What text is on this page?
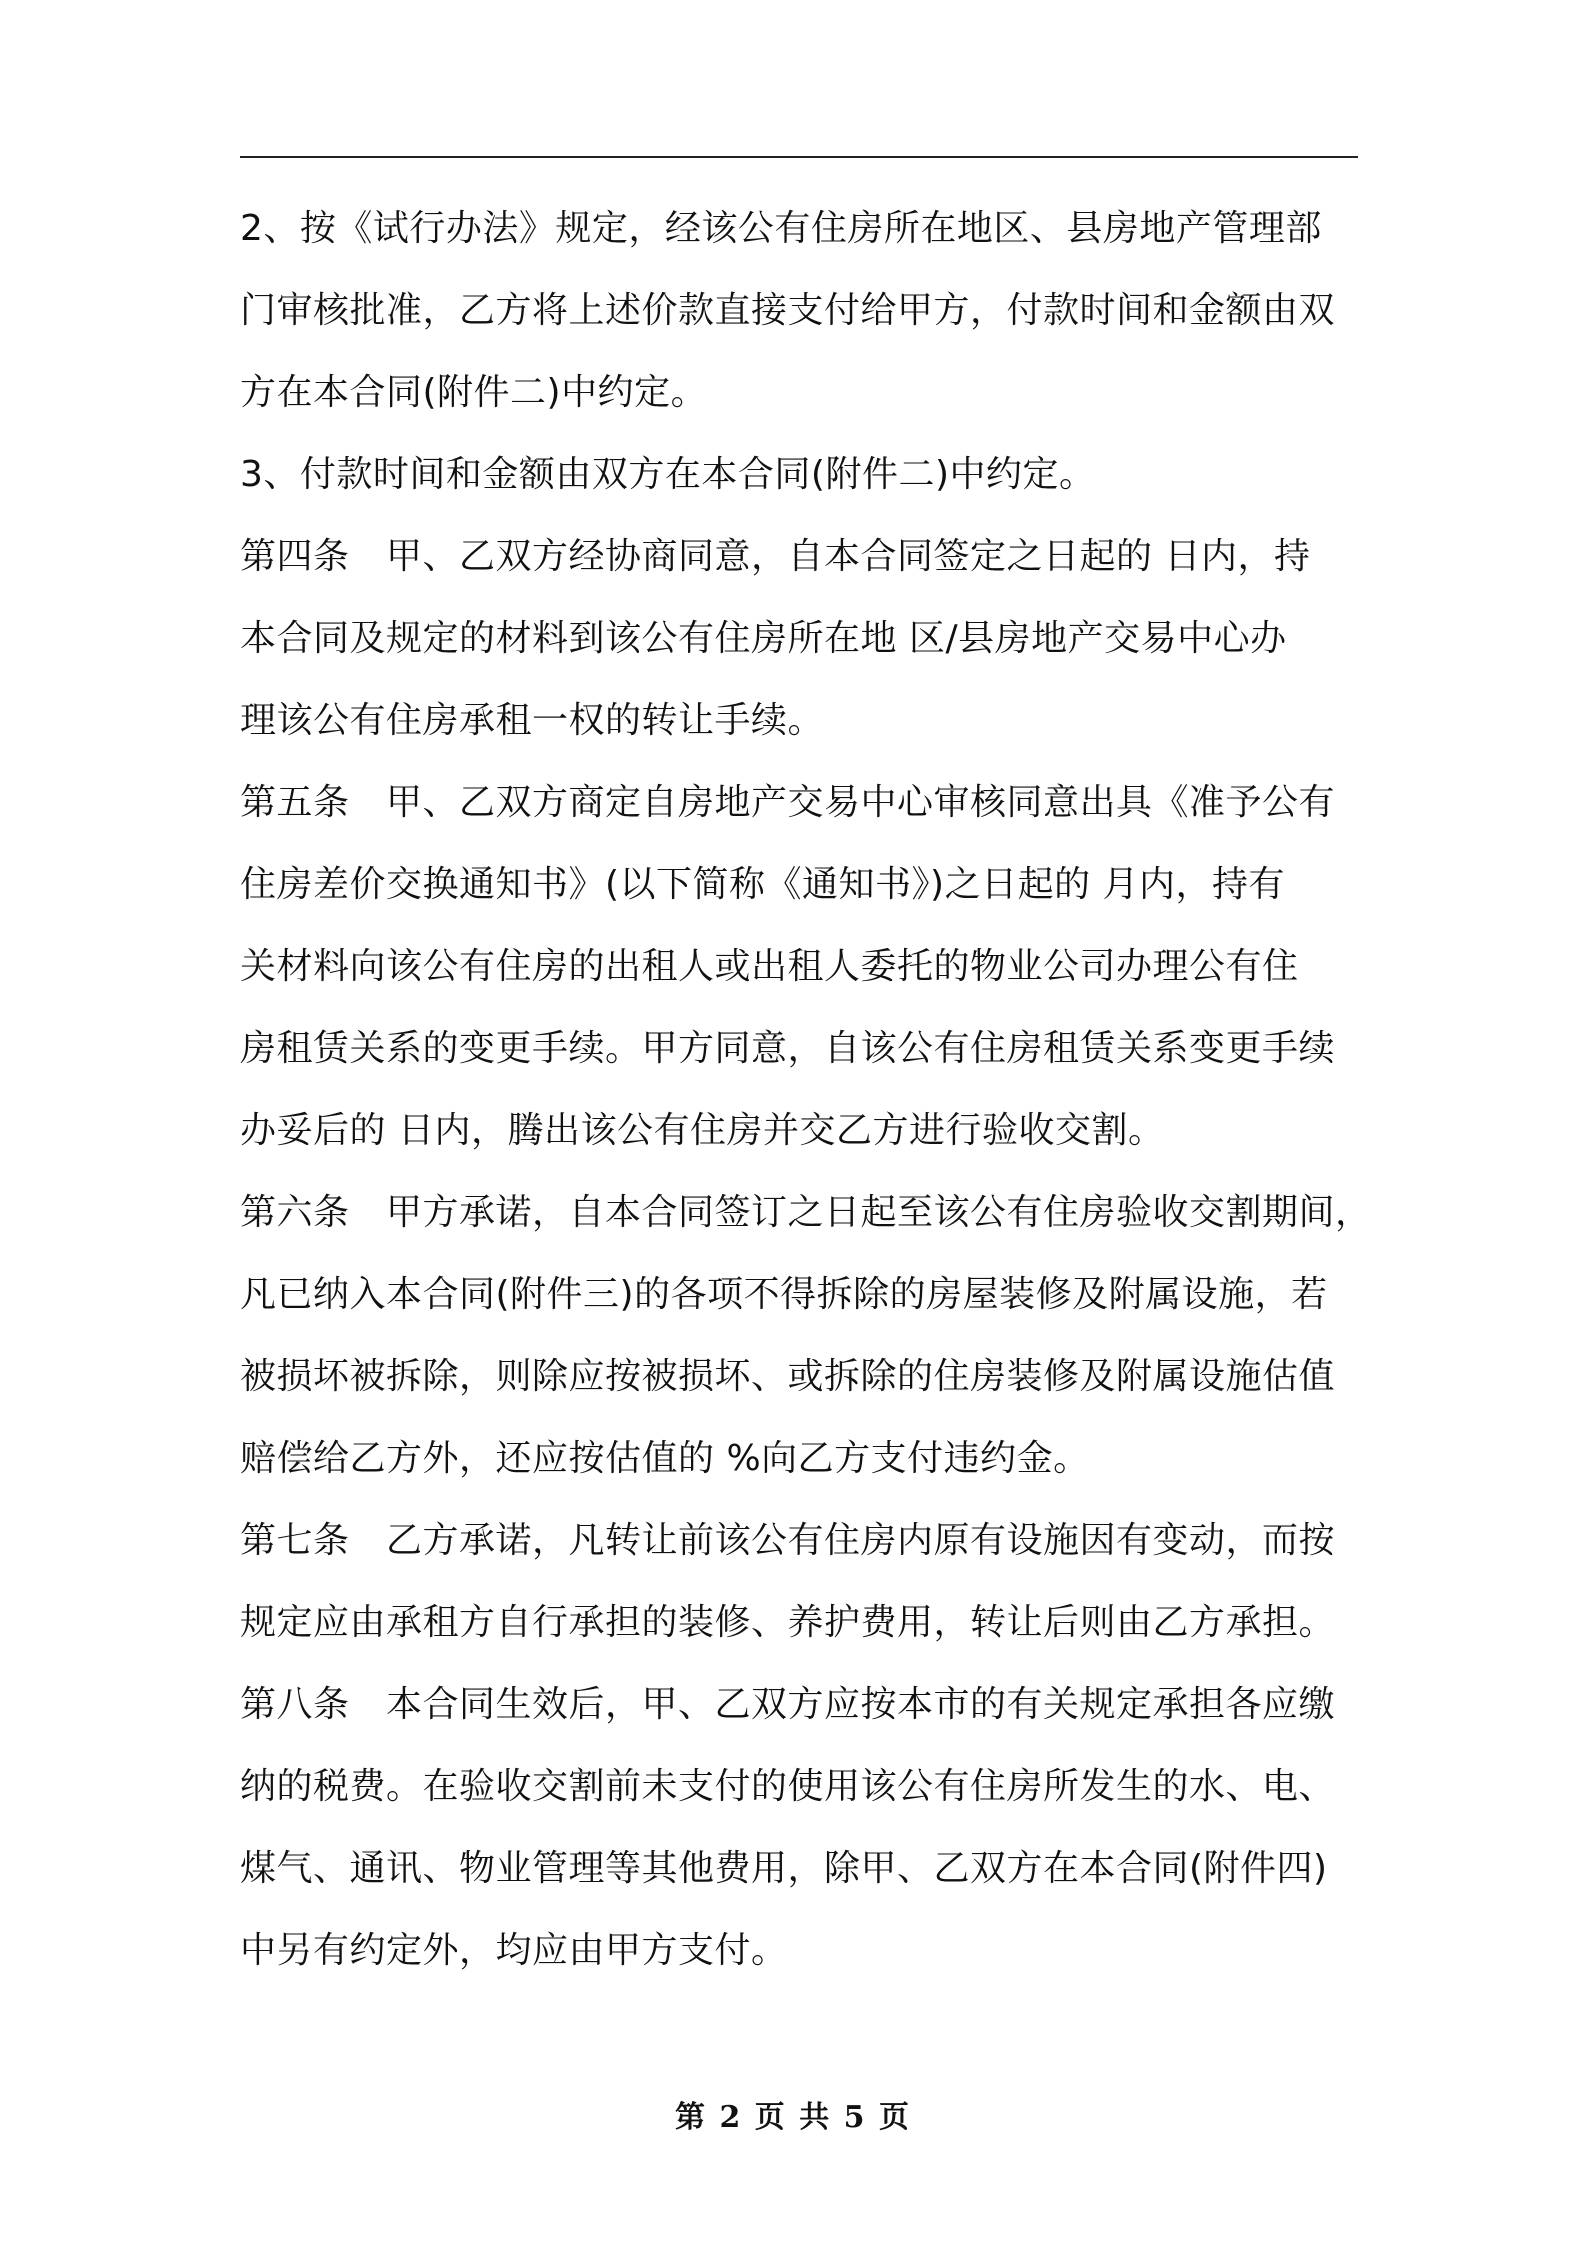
2、按《试行办法》规定，经该公有住房所在地区、县房地产管理部

门审核批准，乙方将上述价款直接支付给甲方，付款时间和金额由双

方在本合同(附件二)中约定。

3、付款时间和金额由双方在本合同(附件二)中约定。

第四条　甲、乙双方经协商同意，自本合同签定之日起的 日内，持

本合同及规定的材料到该公有住房所在地 区/县房地产交易中心办

理该公有住房承租一权的转让手续。

第五条　甲、乙双方商定自房地产交易中心审核同意出具《准予公有

住房差价交换通知书》(以下简称《通知书》)之日起的 月内，持有

关材料向该公有住房的出租人或出租人委托的物业公司办理公有住

房租赁关系的变更手续。甲方同意，自该公有住房租赁关系变更手续

办妥后的 日内，腾出该公有住房并交乙方进行验收交割。

第六条　甲方承诺，自本合同签订之日起至该公有住房验收交割期间，

凡已纳入本合同(附件三)的各项不得拆除的房屋装修及附属设施，若

被损坏被拆除，则除应按被损坏、或拆除的住房装修及附属设施估值

赔偿给乙方外，还应按估值的 %向乙方支付违约金。

第七条　乙方承诺，凡转让前该公有住房内原有设施因有变动，而按

规定应由承租方自行承担的装修、养护费用，转让后则由乙方承担。

第八条　本合同生效后，甲、乙双方应按本市的有关规定承担各应缴

纳的税费。在验收交割前未支付的使用该公有住房所发生的水、电、

煤气、通讯、物业管理等其他费用，除甲、乙双方在本合同(附件四)

中另有约定外，均应由甲方支付。

第 2 页 共 5 页
